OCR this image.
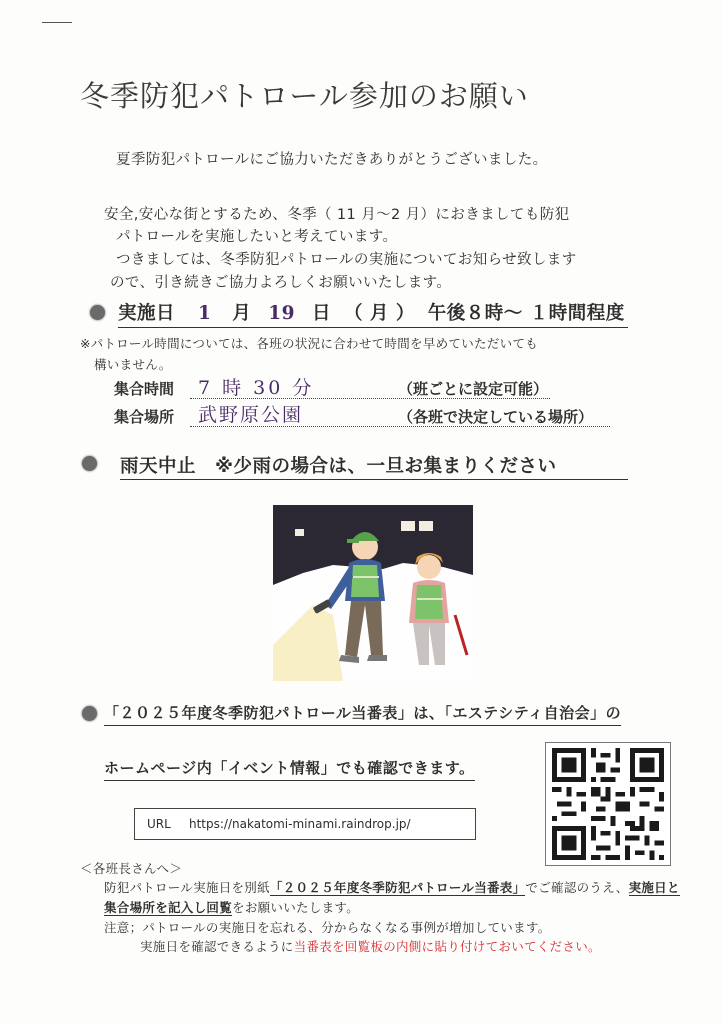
冬季防犯パトロール参加のお願い
夏季防犯パトロールにご協力いただきありがとうございました。
安全,安心な街とするため、冬季（ 11 月～2 月）におきましても防犯
パトロールを実施したいと考えています。
つきましては、冬季防犯パトロールの実施についてお知らせ致します
ので、引き続きご協力よろしくお願いいたします。
実施日 1 月 19 日 （ 月 ） 午後８時～ １時間程度
※パトロール時間については、各班の状況に合わせて時間を早めていただいても
構いません。
集合時間 7 時 30 分	（班ごとに設定可能）
集合場所 武野原公園	（各班で決定している場所）
雨天中止　※少雨の場合は、一旦お集まりください
「２０２５年度冬季防犯パトロール当番表」は、「エステシティ自治会」の
ホームページ内「イベント情報」でも確認できます。
URL https://nakatomi-minami.raindrop.jp/
＜各班長さんへ＞
防犯パトロール実施日を別紙「２０２５年度冬季防犯パトロール当番表」でご確認のうえ、実施日と
集合場所を記入し回覧をお願いいたします。
注意；パトロールの実施日を忘れる、分からなくなる事例が増加しています。
実施日を確認できるように当番表を回覧板の内側に貼り付けておいてください。
